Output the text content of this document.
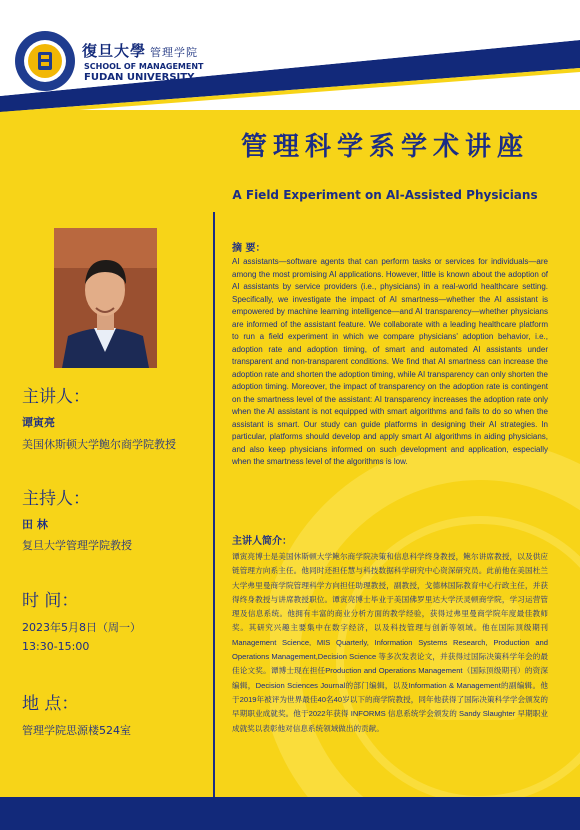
復旦大學 管理学院
SCHOOL OF MANAGEMENT
FUDAN UNIVERSITY
管理科学系学术讲座
A Field Experiment on AI-Assisted Physicians
主讲人：
谭寅亮
美国休斯顿大学鲍尔商学院教授
主持人：
田 林
复旦大学管理学院教授
时 间：
2023年5月8日（周一）
13:30-15:00
地 点：
管理学院思源楼524室
摘 要：
AI assistants—software agents that can perform tasks or services for individuals—are among the most promising AI applications. However, little is known about the adoption of AI assistants by service providers (i.e., physicians) in a real-world healthcare setting. Specifically, we investigate the impact of AI smartness—whether the AI assistant is empowered by machine learning intelligence—and AI transparency—whether physicians are informed of the assistant feature. We collaborate with a leading healthcare platform to run a field experiment in which we compare physicians' adoption behavior, i.e., adoption rate and adoption timing, of smart and automated AI assistants under transparent and non-transparent conditions. We find that AI smartness can increase the adoption rate and shorten the adoption timing, while AI transparency can only shorten the adoption timing. Moreover, the impact of transparency on the adoption rate is contingent on the smartness level of the assistant: AI transparency increases the adoption rate only when the AI assistant is not equipped with smart algorithms and fails to do so when the assistant is smart. Our study can guide platforms in designing their AI strategies. In particular, platforms should develop and apply smart AI algorithms in aiding physicians, and also keep physicians informed on such development and application, especially when the smartness level of the algorithms is low.
主讲人简介：
谭寅亮博士是美国休斯顿大学鲍尔商学院决策和信息科学终身教授，鲍尔讲席教授，以及供应链管理方向系主任。他同时还担任慧与科技数据科学研究中心资深研究员。此前他在美国杜兰大学弗里曼商学院管理科学方向担任助理教授，副教授，戈德林国际教育中心行政主任，并获得终身教授与讲席教授职位。谭寅亮博士毕业于美国佛罗里达大学沃灵顿商学院，学习运营管理及信息系统。他拥有丰富的商业分析方面的教学经验，获得过弗里曼商学院年度最佳教师奖。其研究兴趣主要集中在数字经济，以及科技管理与创新等领域。他在国际顶级期刊Management Science, MIS Quarterly, Information Systems Research, Production and Operations Management,Decision Science 等多次发表论文，并获得过国际决策科学年会的最佳论文奖。谭博士现在担任Production and Operations Management（国际顶级期刊）的资深编辑，Decision Sciences Journal的部门编辑，以及Information & Management的副编辑。他于2019年被评为世界最佳40名40岁以下的商学院教授，同年他获得了国际决策科学学会颁发的早期职业成就奖。他于2022年获得 INFORMS 信息系统学会颁发的 Sandy Slaughter 早期职业成就奖以表彰他对信息系统领域做出的贡献。
